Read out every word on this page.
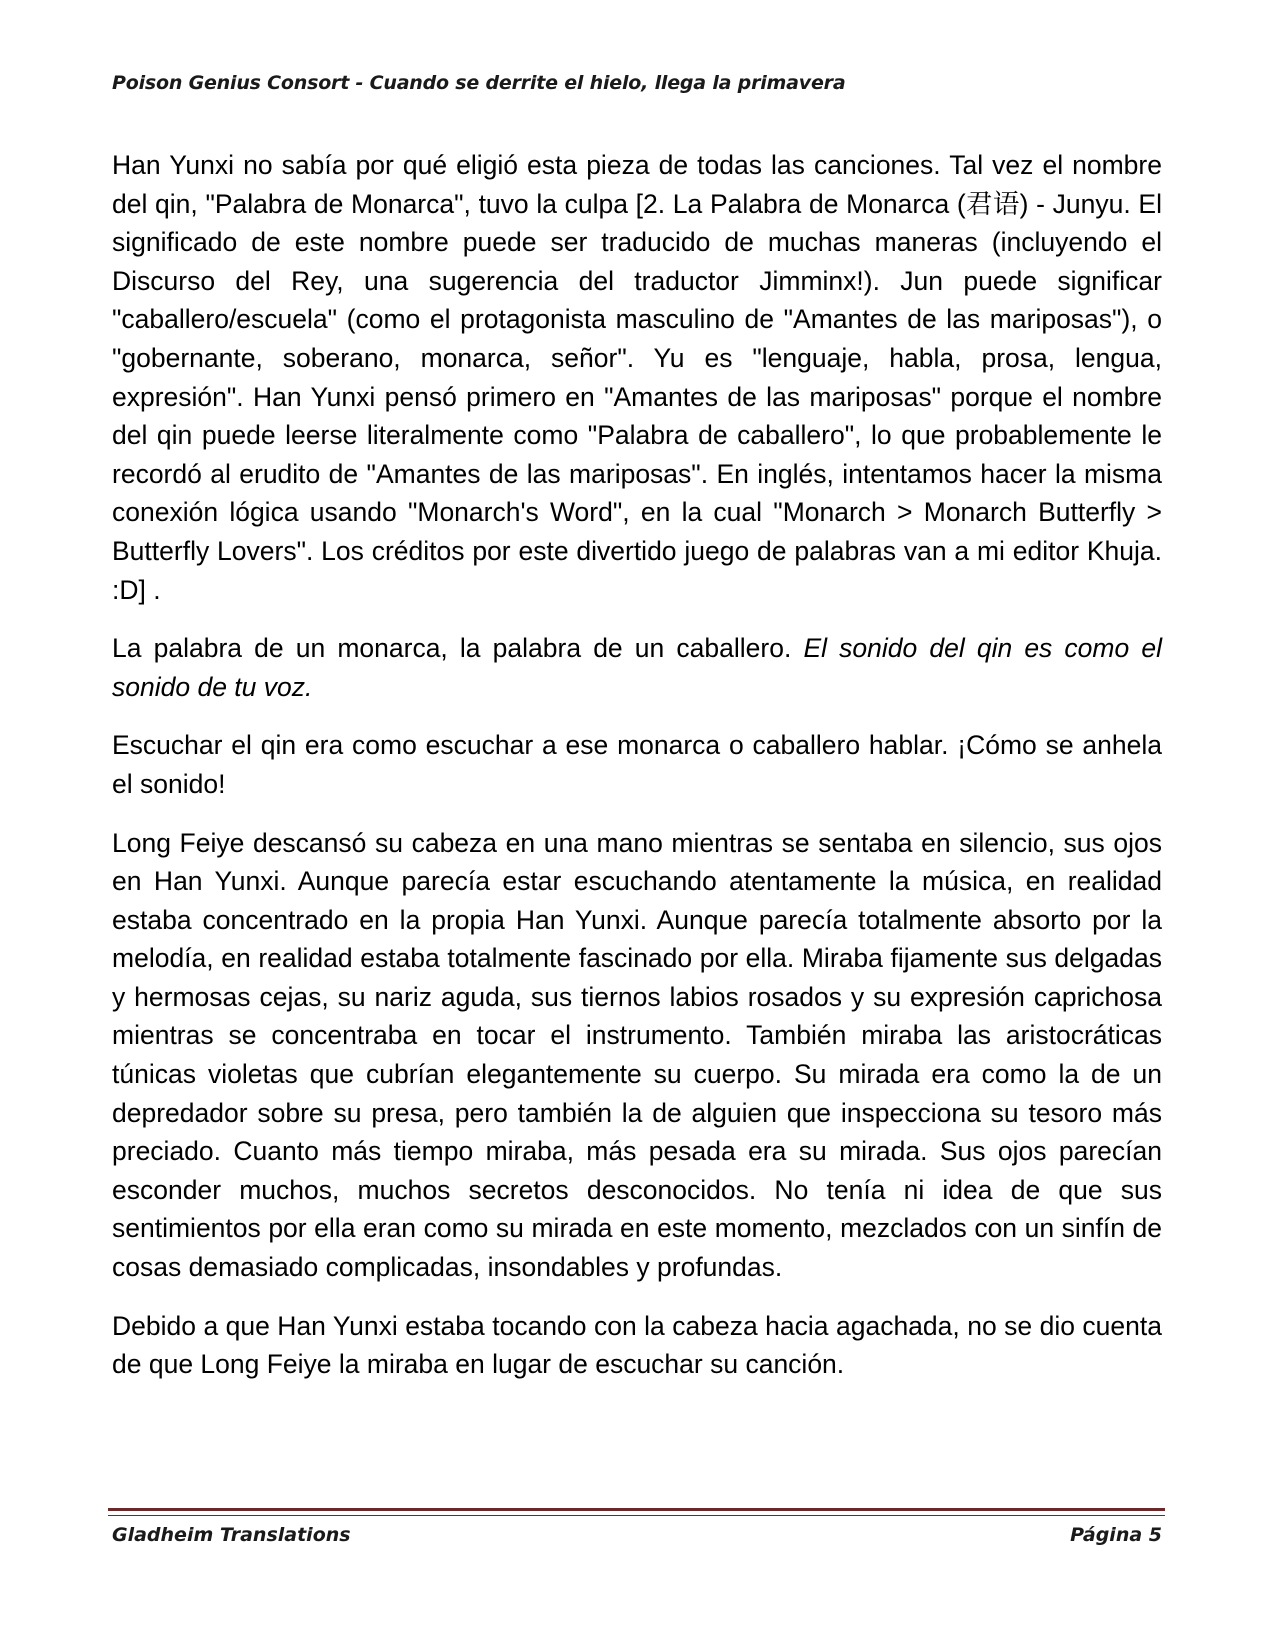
Poison Genius Consort - Cuando se derrite el hielo, llega la primavera

Han Yunxi no sabía por qué eligió esta pieza de todas las canciones. Tal vez el nombre del qin, "Palabra de Monarca", tuvo la culpa [2. La Palabra de Monarca (君语) - Junyu. El significado de este nombre puede ser traducido de muchas maneras (incluyendo el Discurso del Rey, una sugerencia del traductor Jimminx!). Jun puede significar "caballero/escuela" (como el protagonista masculino de "Amantes de las mariposas"), o "gobernante, soberano, monarca, señor". Yu es "lenguaje, habla, prosa, lengua, expresión". Han Yunxi pensó primero en "Amantes de las mariposas" porque el nombre del qin puede leerse literalmente como "Palabra de caballero", lo que probablemente le recordó al erudito de "Amantes de las mariposas". En inglés, intentamos hacer la misma conexión lógica usando "Monarch's Word", en la cual "Monarch > Monarch Butterfly > Butterfly Lovers". Los créditos por este divertido juego de palabras van a mi editor Khuja. :D] .

La palabra de un monarca, la palabra de un caballero. El sonido del qin es como el sonido de tu voz.

Escuchar el qin era como escuchar a ese monarca o caballero hablar. ¡Cómo se anhela el sonido!

Long Feiye descansó su cabeza en una mano mientras se sentaba en silencio, sus ojos en Han Yunxi. Aunque parecía estar escuchando atentamente la música, en realidad estaba concentrado en la propia Han Yunxi. Aunque parecía totalmente absorto por la melodía, en realidad estaba totalmente fascinado por ella. Miraba fijamente sus delgadas y hermosas cejas, su nariz aguda, sus tiernos labios rosados y su expresión caprichosa mientras se concentraba en tocar el instrumento. También miraba las aristocráticas túnicas violetas que cubrían elegantemente su cuerpo. Su mirada era como la de un depredador sobre su presa, pero también la de alguien que inspecciona su tesoro más preciado. Cuanto más tiempo miraba, más pesada era su mirada. Sus ojos parecían esconder muchos, muchos secretos desconocidos. No tenía ni idea de que sus sentimientos por ella eran como su mirada en este momento, mezclados con un sinfín de cosas demasiado complicadas, insondables y profundas.

Debido a que Han Yunxi estaba tocando con la cabeza hacia agachada, no se dio cuenta de que Long Feiye la miraba en lugar de escuchar su canción.

Gladheim Translations	Página 5
